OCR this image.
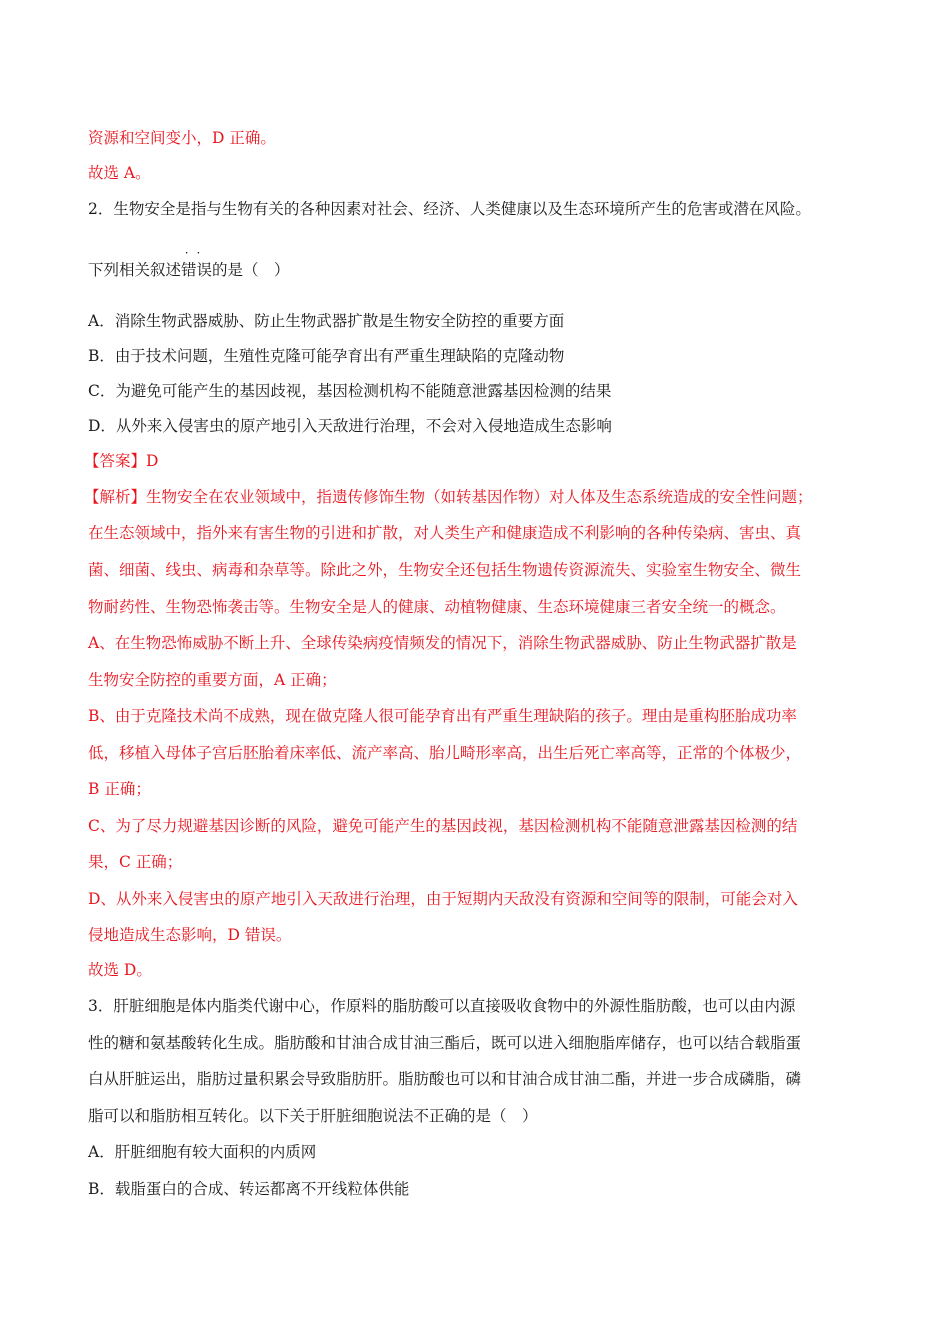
资源和空间变小，D 正确。
故选 A。
2．生物安全是指与生物有关的各种因素对社会、经济、人类健康以及生态环境所产生的危害或潜在风险。
下列相关叙述
··
错误的是（　）
A．消除生物武器威胁、防止生物武器扩散是生物安全防控的重要方面
B．由于技术问题，生殖性克隆可能孕育出有严重生理缺陷的克隆动物
C．为避免可能产生的基因歧视，基因检测机构不能随意泄露基因检测的结果
D．从外来入侵害虫的原产地引入天敌进行治理，不会对入侵地造成生态影响
【答案】D
【解析】生物安全在农业领域中，指遗传修饰生物（如转基因作物）对人体及生态系统造成的安全性问题；
在生态领域中，指外来有害生物的引进和扩散，对人类生产和健康造成不利影响的各种传染病、害虫、真
菌、细菌、线虫、病毒和杂草等。除此之外，生物安全还包括生物遗传资源流失、实验室生物安全、微生
物耐药性、生物恐怖袭击等。生物安全是人的健康、动植物健康、生态环境健康三者安全统一的概念。
A、在生物恐怖威胁不断上升、全球传染病疫情频发的情况下，消除生物武器威胁、防止生物武器扩散是
生物安全防控的重要方面，A 正确；
B、由于克隆技术尚不成熟，现在做克隆人很可能孕育出有严重生理缺陷的孩子。理由是重构胚胎成功率
低，移植入母体子宫后胚胎着床率低、流产率高、胎儿畸形率高，出生后死亡率高等，正常的个体极少，
B 正确；
C、为了尽力规避基因诊断的风险，避免可能产生的基因歧视，基因检测机构不能随意泄露基因检测的结
果，C 正确；
D、从外来入侵害虫的原产地引入天敌进行治理，由于短期内天敌没有资源和空间等的限制，可能会对入
侵地造成生态影响，D 错误。
故选 D。
3．肝脏细胞是体内脂类代谢中心，作原料的脂肪酸可以直接吸收食物中的外源性脂肪酸，也可以由内源
性的糖和氨基酸转化生成。脂肪酸和甘油合成甘油三酯后，既可以进入细胞脂库储存，也可以结合载脂蛋
白从肝脏运出，脂肪过量积累会导致脂肪肝。脂肪酸也可以和甘油合成甘油二酯，并进一步合成磷脂，磷
脂可以和脂肪相互转化。以下关于肝脏细胞说法不正确的是（　）
A．肝脏细胞有较大面积的内质网
B．载脂蛋白的合成、转运都离不开线粒体供能
